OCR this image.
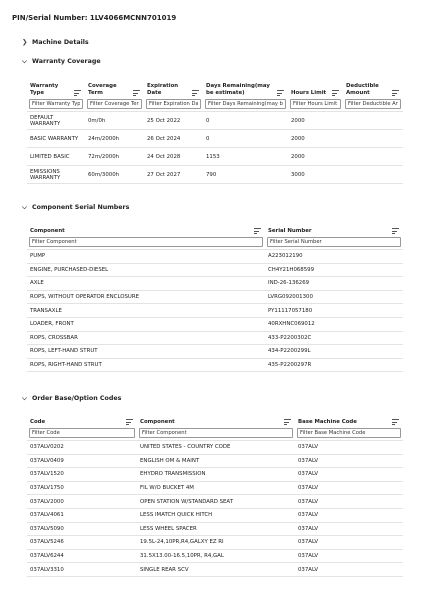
PIN/Serial Number: 1LV4066MCNN701019
❯ Machine Details
⌵ Warranty Coverage
Warranty Type	Coverage Term	Expiration Date	Days Remaining(may be estimate)	Hours Limit	Deductible Amount

Filter Warranty Type	Filter Coverage Term	Filter Expiration Date	Filter Days Remaining(may be e	Filter Hours Limit	Filter Deductible Amo
DEFAULT WARRANTY	0m/0h	25 Oct 2022	0	2000	
BASIC WARRANTY	24m/2000h	26 Oct 2024	0	2000	
LIMITED BASIC	72m/2000h	24 Oct 2028	1153	2000	
EMISSIONS WARRANTY	60m/3000h	27 Oct 2027	790	3000	
⌵ Component Serial Numbers
Component	Serial Number

Filter Component	Filter Serial Number
PUMP	A223012190
ENGINE, PURCHASED-DIESEL	CH4Y21H068599
AXLE	IND-26-136269
ROPS, WITHOUT OPERATOR ENCLOSURE	LVRG092001300
TRANSAXLE	PY11117057180
LOADER, FRONT	40RXHNC069012
ROPS, CROSSBAR	433-P2200302C
ROPS, LEFT-HAND STRUT	434-P2200299L
ROPS, RIGHT-HAND STRUT	435-P2200297R
⌵ Order Base/Option Codes
Code	Component	Base Machine Code

Filter Code	Filter Component	Filter Base Machine Code
037ALV0202	UNITED STATES - COUNTRY CODE	037ALV
037ALV0409	ENGLISH OM & MAINT	037ALV
037ALV1520	EHYDRO TRANSMISSION	037ALV
037ALV1750	FIL W/O BUCKET 4M	037ALV
037ALV2000	OPEN STATION W/STANDARD SEAT	037ALV
037ALV4061	LESS IMATCH QUICK HITCH	037ALV
037ALV5090	LESS WHEEL SPACER	037ALV
037ALV5246	19.5L-24,10PR,R4,GALXY EZ RI	037ALV
037ALV6244	31.5X13.00-16.5,10PR, R4,GAL	037ALV
037ALV3310	SINGLE REAR SCV	037ALV
